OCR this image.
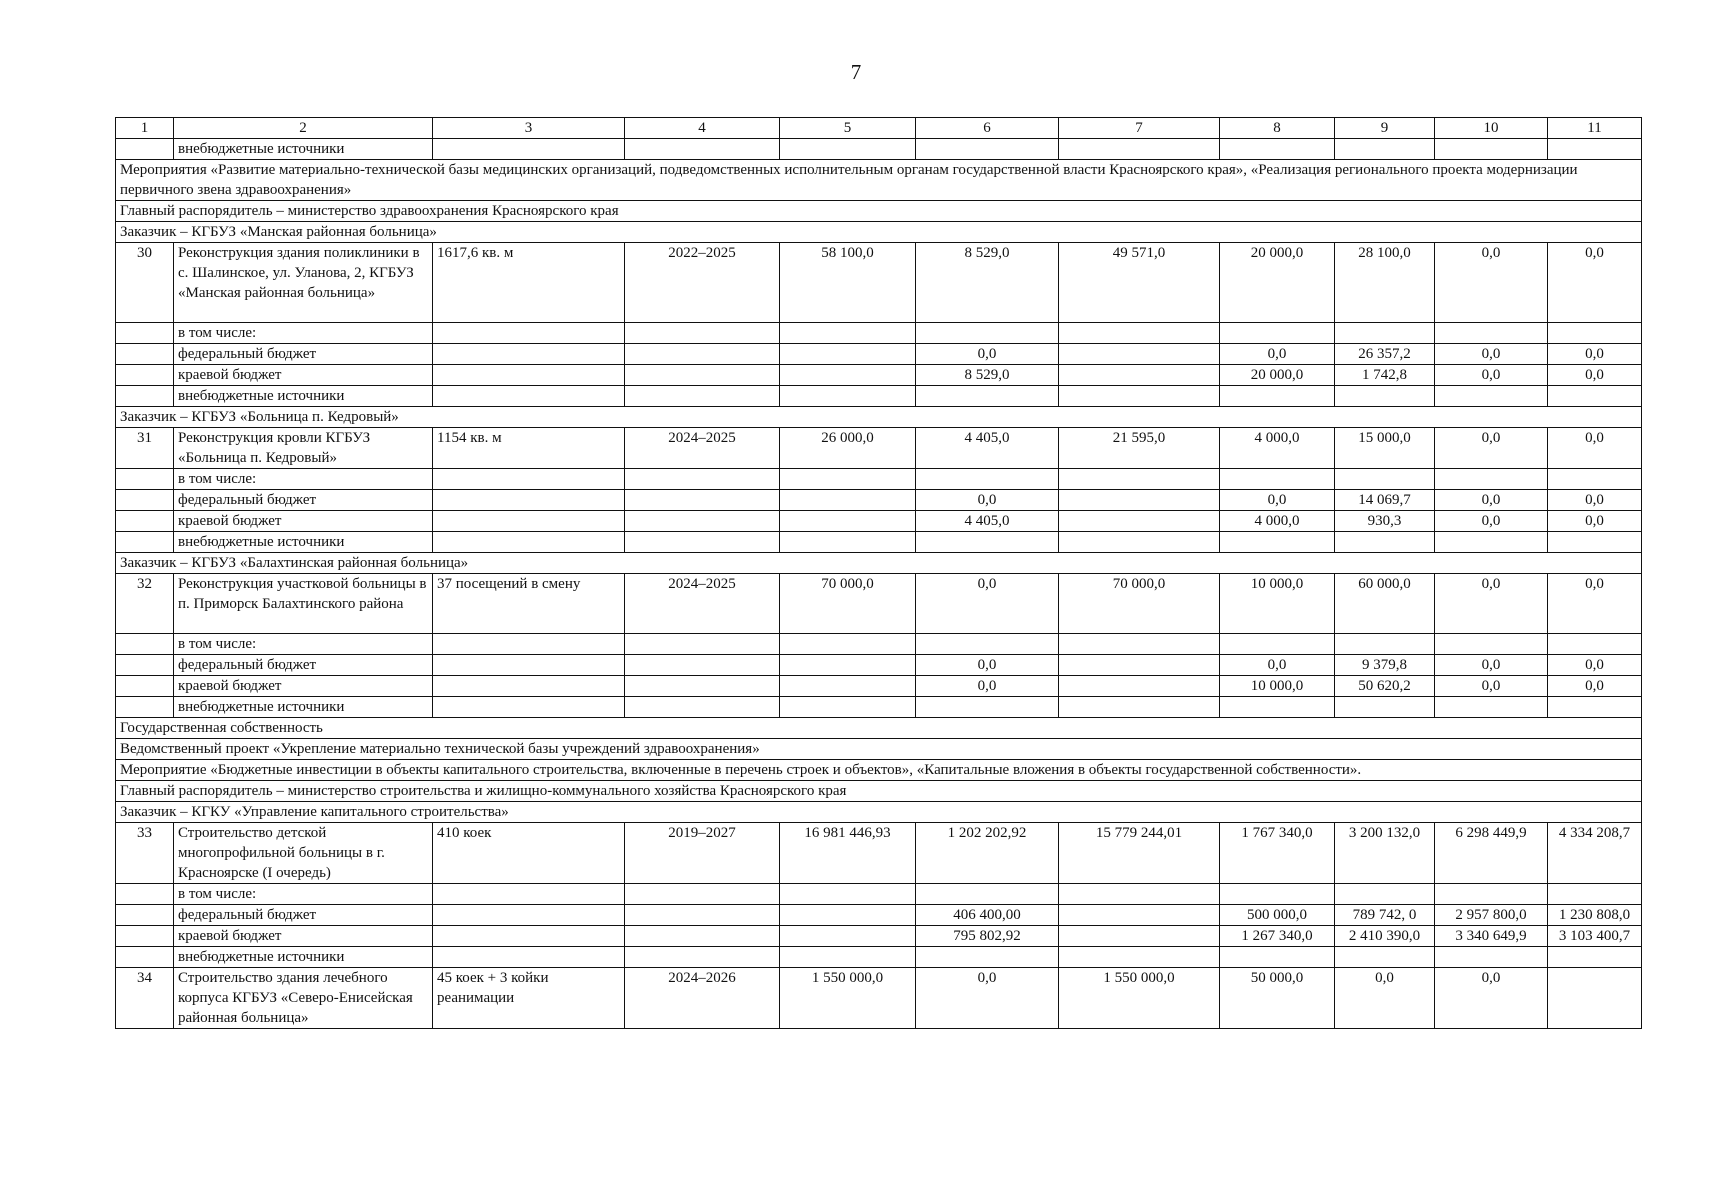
7
1	2	3	4	5	6	7	8	9	10	11
	внебюджетные источники									
Мероприятия «Развитие материально-технической базы медицинских организаций, подведомственных исполнительным органам государственной власти Красноярского края», «Реализация регионального проекта модернизации первичного звена здравоохранения»										
Главный распорядитель – министерство здравоохранения Красноярского края										
Заказчик – КГБУЗ «Манская районная больница»										
30	Реконструкция здания поликлиники в с. Шалинское, ул. Уланова, 2, КГБУЗ «Манская районная больница»	1617,6 кв. м	2022–2025	58 100,0	8 529,0	49 571,0	20 000,0	28 100,0	0,0	0,0
	в том числе:									
	федеральный бюджет				0,0		0,0	26 357,2	0,0	0,0
	краевой бюджет				8 529,0		20 000,0	1 742,8	0,0	0,0
	внебюджетные источники									
Заказчик – КГБУЗ «Больница п. Кедровый»										
31	Реконструкция кровли КГБУЗ «Больница п. Кедровый»	1154 кв. м	2024–2025	26 000,0	4 405,0	21 595,0	4 000,0	15 000,0	0,0	0,0
	в том числе:									
	федеральный бюджет				0,0		0,0	14 069,7	0,0	0,0
	краевой бюджет				4 405,0		4 000,0	930,3	0,0	0,0
	внебюджетные источники									
Заказчик – КГБУЗ «Балахтинская районная больница»										
32	Реконструкция участковой больницы в п. Приморск Балахтинского района	37 посещений в смену	2024–2025	70 000,0	0,0	70 000,0	10 000,0	60 000,0	0,0	0,0
	в том числе:									
	федеральный бюджет				0,0		0,0	9 379,8	0,0	0,0
	краевой бюджет				0,0		10 000,0	50 620,2	0,0	0,0
	внебюджетные источники									
Государственная собственность										
Ведомственный проект «Укрепление материально технической базы учреждений здравоохранения»										
Мероприятие «Бюджетные инвестиции в объекты капитального строительства, включенные в перечень строек и объектов», «Капитальные вложения в объекты государственной собственности».										
Главный распорядитель – министерство строительства и жилищно-коммунального хозяйства Красноярского края										
Заказчик – КГКУ «Управление капитального строительства»										
33	Строительство детской многопрофильной больницы в г. Красноярске (I очередь)	410 коек	2019–2027	16 981 446,93	1 202 202,92	15 779 244,01	1 767 340,0	3 200 132,0	6 298 449,9	4 334 208,7
	в том числе:									
	федеральный бюджет				406 400,00		500 000,0	789 742, 0	2 957 800,0	1 230 808,0
	краевой бюджет				795 802,92		1 267 340,0	2 410 390,0	3 340 649,9	3 103 400,7
	внебюджетные источники									
34	Строительство здания лечебного корпуса КГБУЗ «Северо-Енисейская районная больница»	45 коек + 3 койки реанимации	2024–2026	1 550 000,0	0,0	1 550 000,0	50 000,0	0,0	0,0	
